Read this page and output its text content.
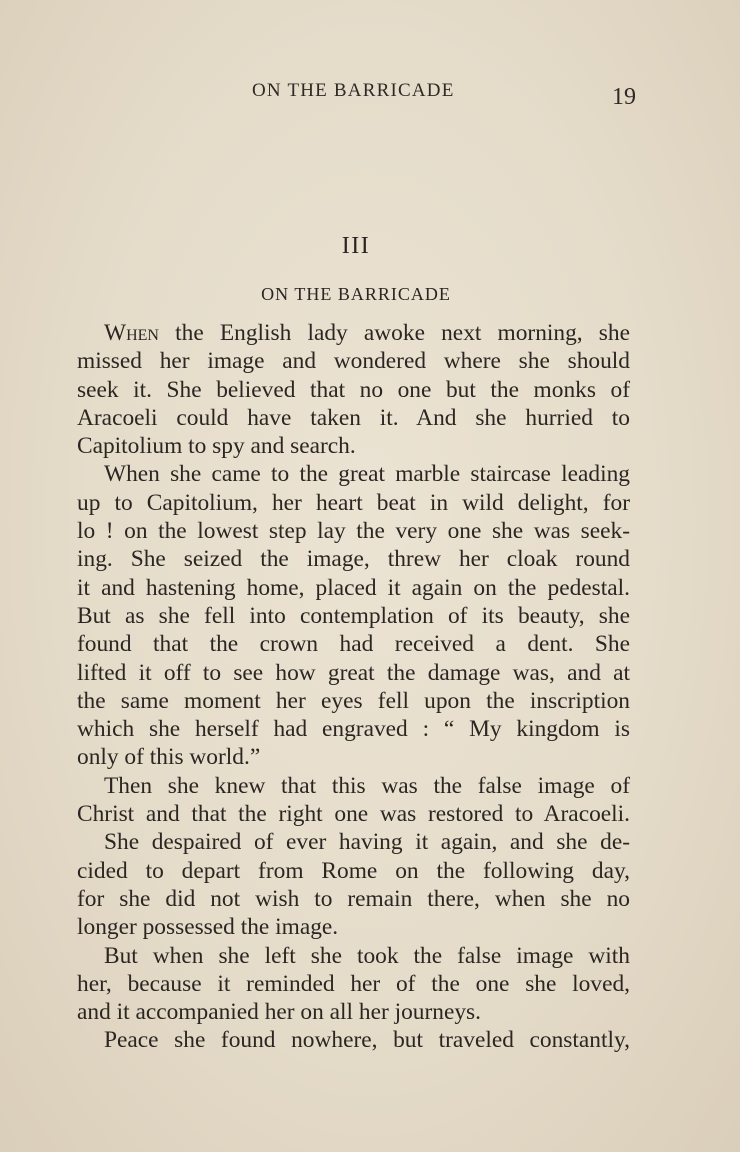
ON THE BARRICADE	19
III
ON THE BARRICADE
When the English lady awoke next morning, she
missed her image and wondered where she should
seek it. She believed that no one but the monks of
Aracoeli could have taken it. And she hurried to
Capitolium to spy and search.
When she came to the great marble staircase leading
up to Capitolium, her heart beat in wild delight, for
lo ! on the lowest step lay the very one she was seek-
ing. She seized the image, threw her cloak round
it and hastening home, placed it again on the pedestal.
But as she fell into contemplation of its beauty, she
found that the crown had received a dent. She
lifted it off to see how great the damage was, and at
the same moment her eyes fell upon the inscription
which she herself had engraved : “ My kingdom is
only of this world.”
Then she knew that this was the false image of
Christ and that the right one was restored to Aracoeli.
She despaired of ever having it again, and she de-
cided to depart from Rome on the following day,
for she did not wish to remain there, when she no
longer possessed the image.
But when she left she took the false image with
her, because it reminded her of the one she loved,
and it accompanied her on all her journeys.
Peace she found nowhere, but traveled constantly,
